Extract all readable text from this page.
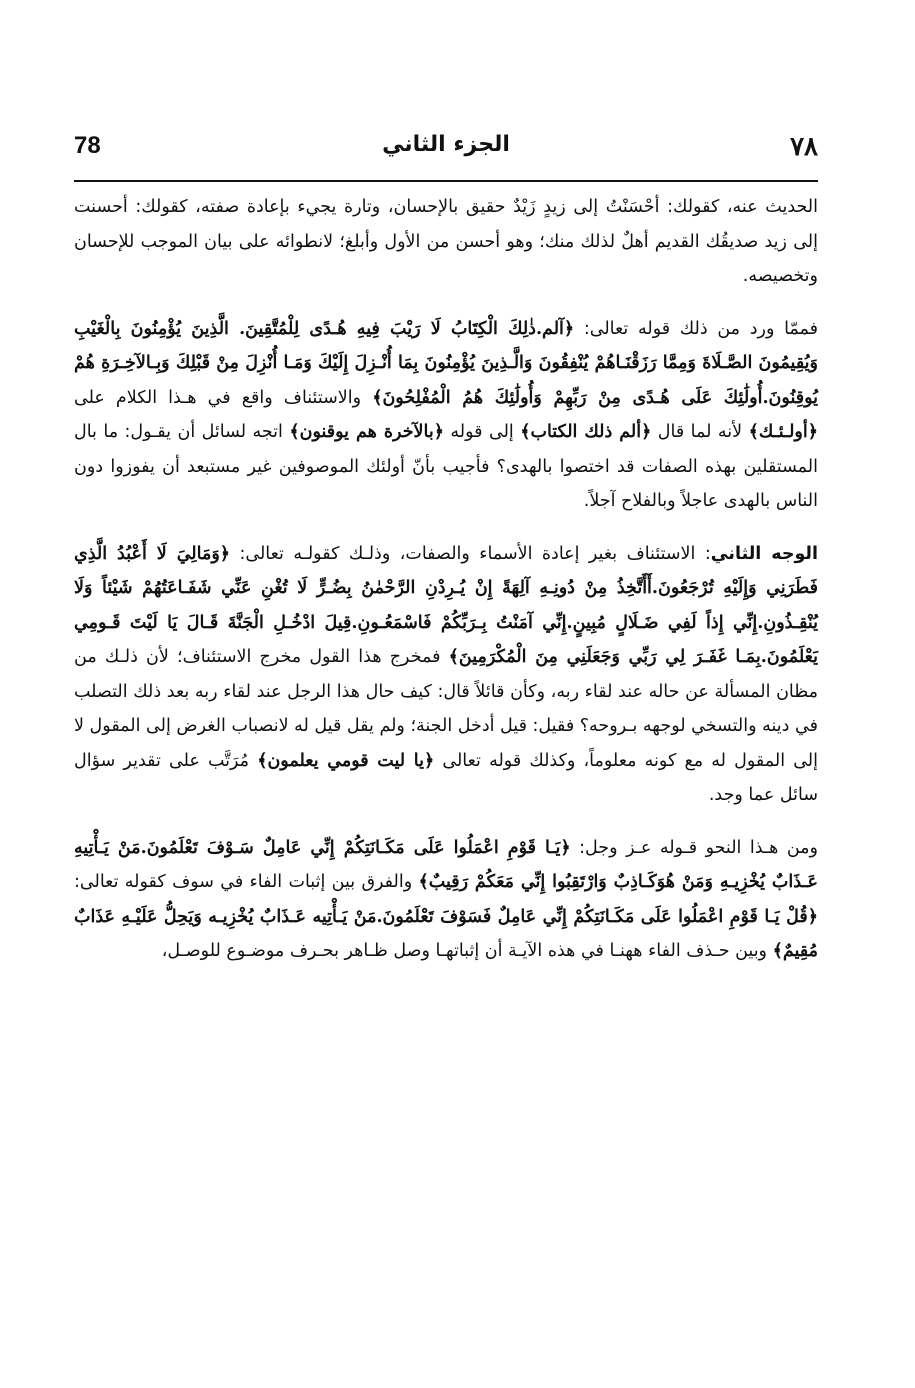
٧٨
الجزء الثاني
78

الحديث عنه، كقولك: أحْسَنْتُ إلى زيدٍ زَيْدٌ حقيق بالإحسان، وتارة يجيء بإعادة صفته، كقولك: أحسنت إلى زيد صديقُك القديم أهلٌ لذلك منك؛ وهو أحسن من الأول وأبلغ؛ لانطوائه على بيان الموجب للإحسان وتخصيصه.

فممّا ورد من ذلك قوله تعالى: ﴿آلم.ذٰلِكَ الْكِتَابُ لَا رَيْبَ فِيهِ هُـدًى لِلْمُتَّقِينَ. الَّذِينَ يُؤْمِنُونَ بِالْغَيْبِ وَيُقِيمُونَ الصَّـلَاةَ وَمِمَّا رَزَقْنَـاهُمْ يُنْفِقُونَ وَالَّـذِينَ يُؤْمِنُونَ بِمَا أُنْـزِلَ إِلَيْكَ وَمَـا أُنْزِلَ مِنْ قَبْلِكَ وَبِـالآخِـرَةِ هُمْ يُوقِنُونَ.أُولَٰئِكَ عَلَى هُـدًى مِنْ رَبِّهِمْ وَأُولَٰئِكَ هُمُ الْمُفْلِحُونَ﴾ والاستئناف واقع في هـذا الكلام على ﴿أولـئـك﴾ لأنه لما قال ﴿ألم ذلك الكتاب﴾ إلى قوله ﴿بالآخرة هم يوقنون﴾ اتجه لسائل أن يقـول: ما بال المستقلين بهذه الصفات قد اختصوا بالهدى؟ فأجيب بأنّ أولئك الموصوفين غير مستبعد أن يفوزوا دون الناس بالهدى عاجلاً وبالفلاح آجلاً.

الوجه الثاني: الاستئناف بغير إعادة الأسماء والصفات، وذلـك كقولـه تعالى: ﴿وَمَالِيَ لَا أَعْبُدُ الَّذِي فَطَرَنِي وَإِلَيْهِ تُرْجَعُونَ.أَأَتَّخِذُ مِنْ دُونِـهِ آلِهَةً إِنْ يُـرِدْنِ الرَّحْمٰنُ بِضُـرٍّ لَا تُغْنِ عَنِّي شَفَـاعَتُهُمْ شَيْئاً وَلَا يُنْقِـذُونِ.إِنِّي إِذاً لَفِي ضَـلَالٍ مُبِينٍ.إِنِّي آمَنْتُ بِـرَبِّكُمْ فَاسْمَعُـونِ.قِيلَ ادْخُـلِ الْجَنَّةَ قَـالَ يَا لَيْتَ قَـومِي يَعْلَمُونَ.بِمَـا غَفَـرَ لِي رَبِّي وَجَعَلَنِي مِنَ الْمُكْرَمِينَ﴾ فمخرج هذا القول مخرج الاستئناف؛ لأن ذلـك من مظان المسألة عن حاله عند لقاء ربه، وكأن قائلاً قال: كيف حال هذا الرجل عند لقاء ربه بعد ذلك التصلب في دينه والتسخي لوجهه بـروحه؟ فقيل: قيل أدخل الجنة؛ ولم يقل قيل له لانصباب الغرض إلى المقول لا إلى المقول له مع كونه معلوماً، وكذلك قوله تعالى ﴿يا ليت قومي يعلمون﴾ مُرَتَّب على تقدير سؤال سائل عما وجد.

ومن هـذا النحو قـوله عـز وجل: ﴿يَـا قَوْمِ اعْمَلُوا عَلَى مَكَـانَتِكُمْ إِنِّي عَامِلٌ سَـوْفَ تَعْلَمُونَ.مَنْ يَـأْتِيهِ عَـذَابٌ يُخْزِيـهِ وَمَنْ هُوَكَـاذِبٌ وَارْتَقِبُوا إِنِّي مَعَكُمْ رَقِيبٌ﴾ والفرق بين إثبات الفاء في سوف كقوله تعالى: ﴿قُلْ يَـا قَوْمِ اعْمَلُوا عَلَى مَكَـانَتِكُمْ إِنِّي عَامِلٌ فَسَوْفَ تَعْلَمُونَ.مَنْ يَـأْتِيه عَـذَابٌ يُخْزِيـه وَيَحِلُّ عَلَيْـهِ عَذَابٌ مُقِيمٌ﴾ وبين حـذف الفاء ههنـا في هذه الآيـة أن إثباتهـا وصل ظـاهر بحـرف موضـوع للوصـل،
